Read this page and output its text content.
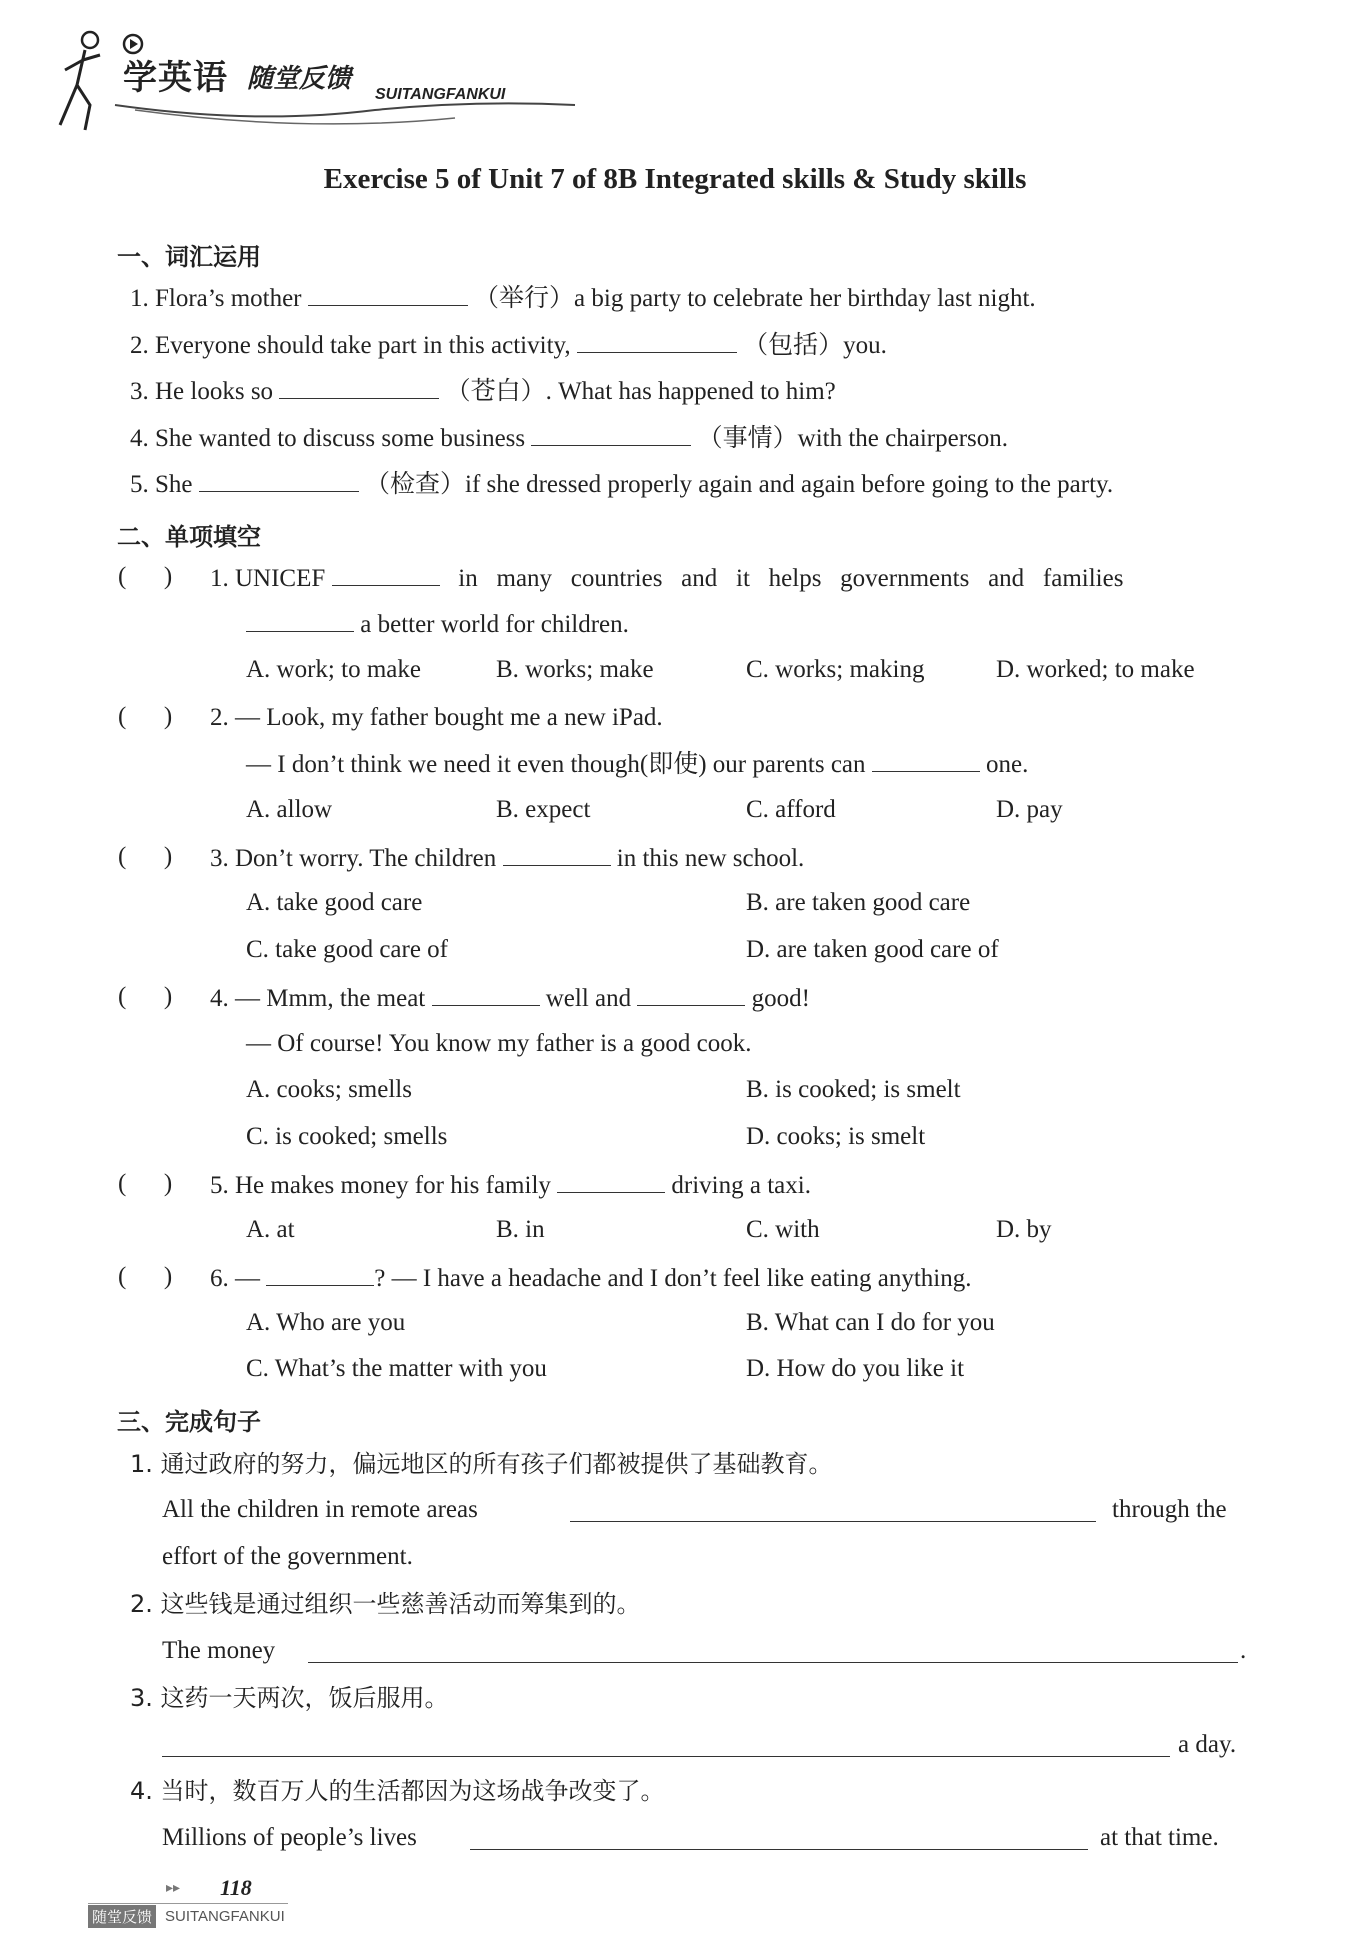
学英语 随堂反馈
SUITANGFANKUI
Exercise 5 of Unit 7 of 8B Integrated skills & Study skills
一、词汇运用
1. Flora’s mother	（举行）a big party to celebrate her birthday last night.
2. Everyone should take part in this activity,	（包括）you.
3. He looks so	（苍白）. What has happened to him?
4. She wanted to discuss some business	（事情）with the chairperson.
5. She	（检查）if she dressed properly again and again before going to the party.
二、单项填空
(      ) 1. UNICEF	in   many   countries   and   it   helps   governments   and   families
a better world for children.
A. work; to make	B. works; make	C. works; making	D. worked; to make
(      ) 2. — Look, my father bought me a new iPad.
— I don’t think we need it even though(即使) our parents can	one.
A. allow	B. expect	C. afford	D. pay
(      ) 3. Don’t worry. The children	in this new school.
A. take good care	B. are taken good care
C. take good care of	D. are taken good care of
(      ) 4. — Mmm, the meat	well and	good!
— Of course! You know my father is a good cook.
A. cooks; smells	B. is cooked; is smelt
C. is cooked; smells	D. cooks; is smelt
(      ) 5. He makes money for his family	driving a taxi.
A. at	B. in	C. with	D. by
(      ) 6. —	? — I have a headache and I don’t feel like eating anything.
A. Who are you	B. What can I do for you
C. What’s the matter with you	D. How do you like it
三、完成句子
1. 通过政府的努力，偏远地区的所有孩子们都被提供了基础教育。
All the children in remote areas	through the
effort of the government.
2. 这些钱是通过组织一些慈善活动而筹集到的。
The money	.
3. 这药一天两次，饭后服用。
a day.
4. 当时，数百万人的生活都因为这场战争改变了。
Millions of people’s lives	at that time.
▸▸ 118
随堂反馈 SUITANGFANKUI
